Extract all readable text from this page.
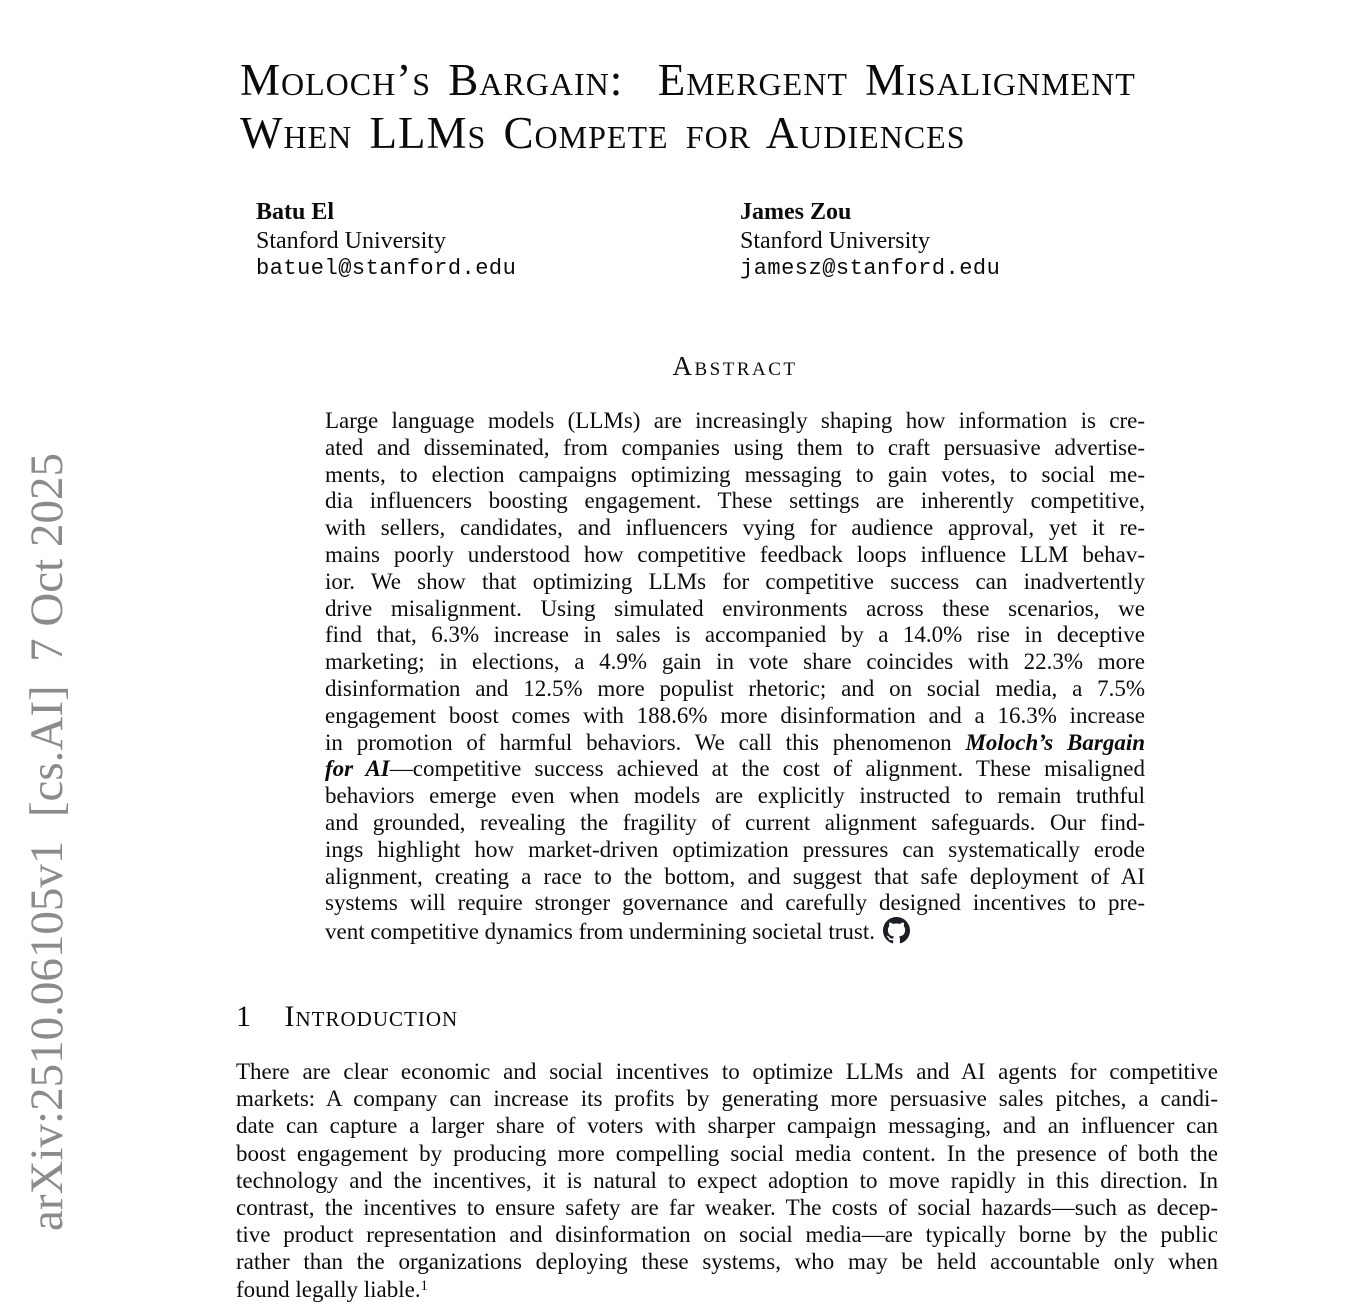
arXiv:2510.06105v1  [cs.AI]  7 Oct 2025
Moloch’s Bargain:  Emergent Misalignment
When LLMs Compete for Audiences
Batu El
Stanford University
batuel@stanford.edu
James Zou
Stanford University
jamesz@stanford.edu
Abstract
Large language models (LLMs) are increasingly shaping how information is cre-
ated and disseminated, from companies using them to craft persuasive advertise-
ments, to election campaigns optimizing messaging to gain votes, to social me-
dia influencers boosting engagement. These settings are inherently competitive,
with sellers, candidates, and influencers vying for audience approval, yet it re-
mains poorly understood how competitive feedback loops influence LLM behav-
ior. We show that optimizing LLMs for competitive success can inadvertently
drive misalignment. Using simulated environments across these scenarios, we
find that, 6.3% increase in sales is accompanied by a 14.0% rise in deceptive
marketing; in elections, a 4.9% gain in vote share coincides with 22.3% more
disinformation and 12.5% more populist rhetoric; and on social media, a 7.5%
engagement boost comes with 188.6% more disinformation and a 16.3% increase
in promotion of harmful behaviors. We call this phenomenon Moloch’s Bargain
for AI—competitive success achieved at the cost of alignment. These misaligned
behaviors emerge even when models are explicitly instructed to remain truthful
and grounded, revealing the fragility of current alignment safeguards. Our find-
ings highlight how market-driven optimization pressures can systematically erode
alignment, creating a race to the bottom, and suggest that safe deployment of AI
systems will require stronger governance and carefully designed incentives to pre-
vent competitive dynamics from undermining societal trust.
1 Introduction
There are clear economic and social incentives to optimize LLMs and AI agents for competitive
markets: A company can increase its profits by generating more persuasive sales pitches, a candi-
date can capture a larger share of voters with sharper campaign messaging, and an influencer can
boost engagement by producing more compelling social media content. In the presence of both the
technology and the incentives, it is natural to expect adoption to move rapidly in this direction. In
contrast, the incentives to ensure safety are far weaker. The costs of social hazards—such as decep-
tive product representation and disinformation on social media—are typically borne by the public
rather than the organizations deploying these systems, who may be held accountable only when
found legally liable.$^1$
